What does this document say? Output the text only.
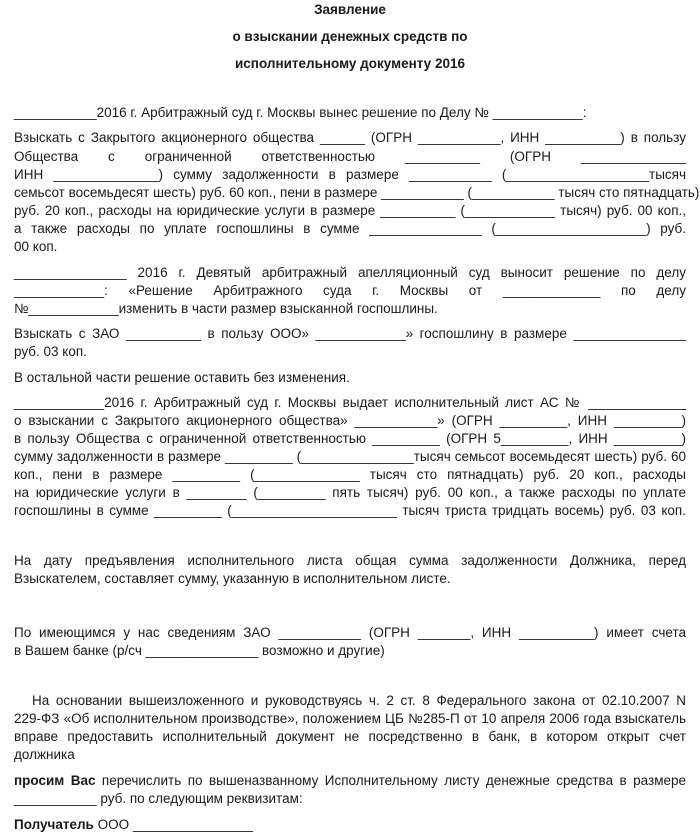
Заявление
о взыскании денежных средств по
исполнительному документу 2016
___________2016 г. Арбитражный суд г. Москвы вынес решение по Делу № ____________:
Взыскать с Закрытого акционерного общества ______ (ОГРН ___________, ИНН __________) в пользу
Общества с ограниченной ответственностью __________ (ОГРН ______________
ИНН ______________) сумму задолженности в размере ___________ (___________________тысяч
семьсот восемьдесят шесть) руб. 60 коп., пени в размере ___________ (___________ тысяч сто пятнадцать)
руб. 20 коп., расходы на юридические услуги в размере __________ (____________ тысяч) руб. 00 коп.,
а также расходы по уплате госпошлины в сумме _______________ (____________________) руб.
00 коп.
_______________ 2016 г. Девятый арбитражный апелляционный суд выносит решение по делу
____________: «Решение Арбитражного суда г. Москвы от _____________ по делу
№____________изменить в части размер взысканной госпошлины.
Взыскать с ЗАО __________ в пользу ООО» ____________» госпошлину в размере _______________
руб. 03 коп.
В остальной части решение оставить без изменения.
____________2016 г. Арбитражный суд г. Москвы выдает исполнительный лист АС № _____________
о взыскании с Закрытого акционерного общества» ___________» (ОГРН _________, ИНН _________)
в пользу Общества с ограниченной ответственностью _________ (ОГРН 5_________, ИНН _________)
сумму задолженности в размере _________ (_______________тысяч семьсот восемьдесят шесть) руб. 60
коп., пени в размере _________ (______________ тысяч сто пятнадцать) руб. 20 коп., расходы
на юридические услуги в ________ (_________ пять тысяч) руб. 00 коп., а также расходы по уплате
госпошлины в сумме _________ (______________________ тысяч триста тридцать восемь) руб. 03 коп.
На дату предъявления исполнительного листа общая сумма задолженности Должника, перед
Взыскателем, составляет сумму, указанную в исполнительном листе.
По имеющимся у нас сведениям ЗАО ___________ (ОГРН _______, ИНН __________) имеет счета
в Вашем банке (р/сч _______________ возможно и другие)
На основании вышеизложенного и руководствуясь ч. 2 ст. 8 Федерального закона от 02.10.2007 N
229-ФЗ «Об исполнительном производстве», положением ЦБ №285-П от 10 апреля 2006 года взыскатель
вправе предоставить исполнительный документ не посредственно в банк, в котором открыт счет
должника
просим Вас перечислить по вышеназванному Исполнительному листу денежные средства в размере
___________ руб. по следующим реквизитам:
Получатель ООО ________________
